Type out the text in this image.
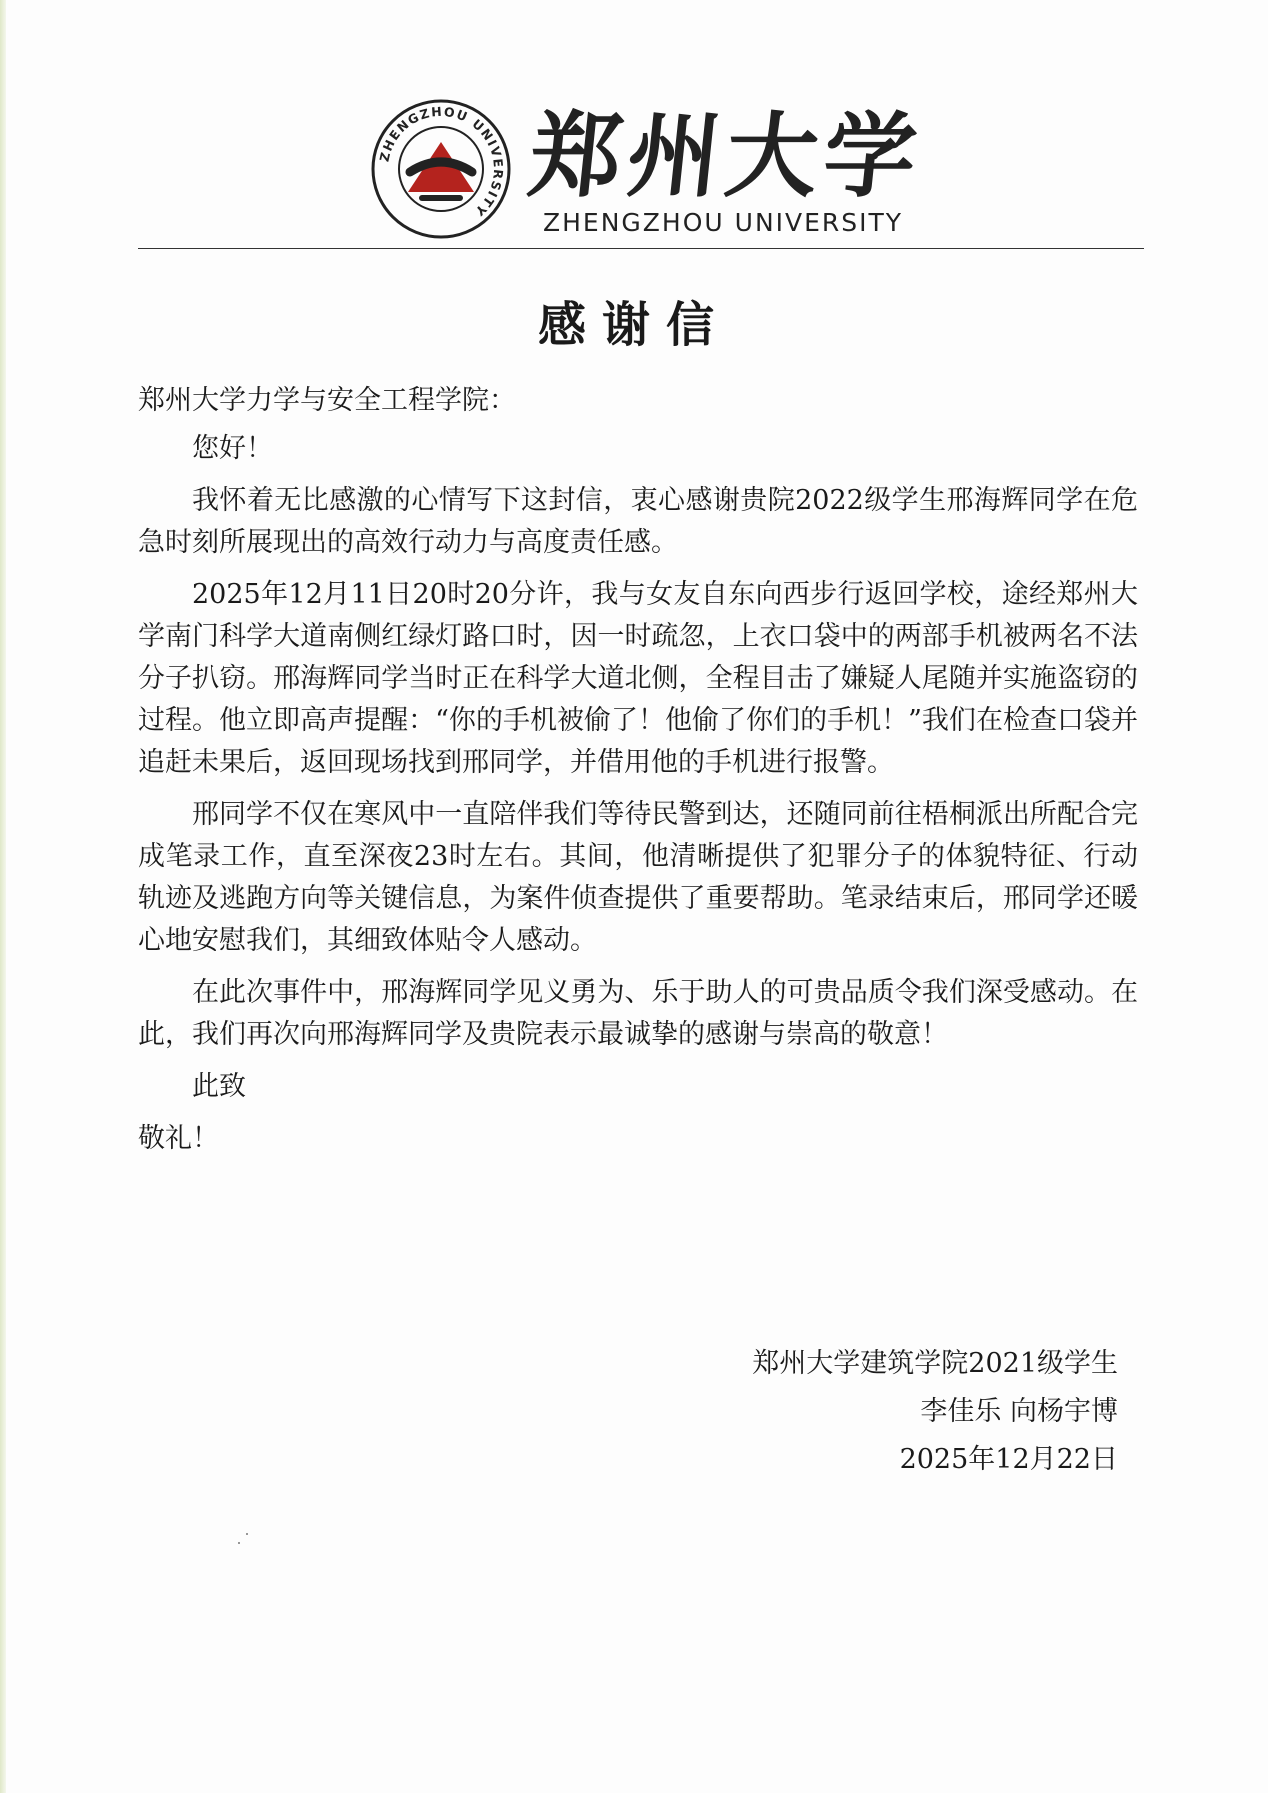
ZHENGZHOU UNIVERSITY
郑州大学
ZHENGZHOU UNIVERSITY
感谢信

郑州大学力学与安全工程学院：

您好！

我怀着无比感激的心情写下这封信，衷心感谢贵院2022级学生邢海辉同学在危急时刻所展现出的高效行动力与高度责任感。

2025年12月11日20时20分许，我与女友自东向西步行返回学校，途经郑州大学南门科学大道南侧红绿灯路口时，因一时疏忽，上衣口袋中的两部手机被两名不法分子扒窃。邢海辉同学当时正在科学大道北侧，全程目击了嫌疑人尾随并实施盗窃的过程。他立即高声提醒：“你的手机被偷了！他偷了你们的手机！”我们在检查口袋并追赶未果后，返回现场找到邢同学，并借用他的手机进行报警。

邢同学不仅在寒风中一直陪伴我们等待民警到达，还随同前往梧桐派出所配合完成笔录工作，直至深夜23时左右。其间，他清晰提供了犯罪分子的体貌特征、行动轨迹及逃跑方向等关键信息，为案件侦查提供了重要帮助。笔录结束后，邢同学还暖心地安慰我们，其细致体贴令人感动。

在此次事件中，邢海辉同学见义勇为、乐于助人的可贵品质令我们深受感动。在此，我们再次向邢海辉同学及贵院表示最诚挚的感谢与崇高的敬意！

此致

敬礼！

郑州大学建筑学院2021级学生
李佳乐 向杨宇博
2025年12月22日
